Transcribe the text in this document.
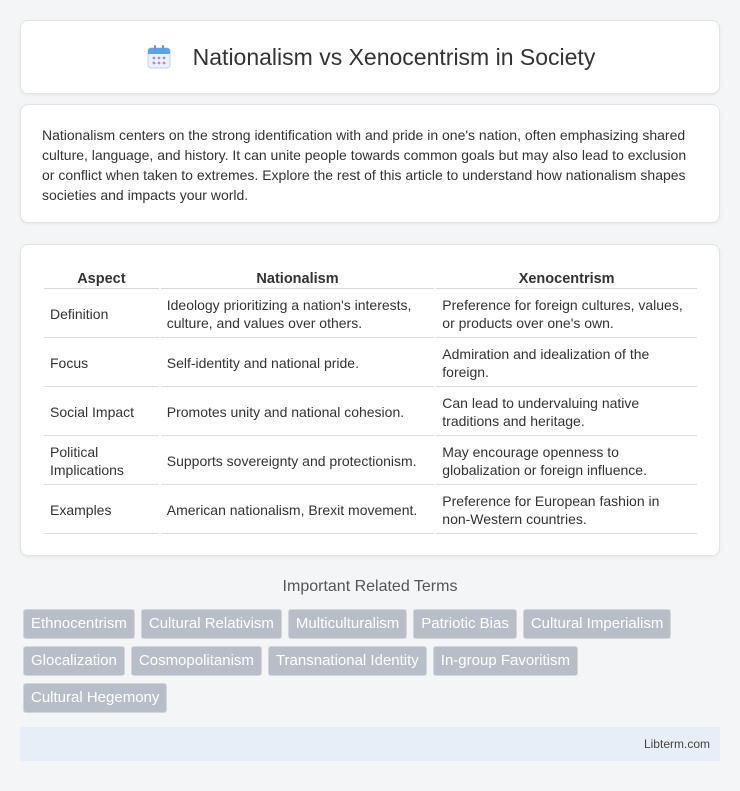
Nationalism vs Xenocentrism in Society

Nationalism centers on the strong identification with and pride in one's nation, often emphasizing shared culture, language, and history. It can unite people towards common goals but may also lead to exclusion or conflict when taken to extremes. Explore the rest of this article to understand how nationalism shapes societies and impacts your world.

Aspect	Nationalism	Xenocentrism
Definition	Ideology prioritizing a nation's interests, culture, and values over others.	Preference for foreign cultures, values, or products over one's own.
Focus	Self-identity and national pride.	Admiration and idealization of the foreign.
Social Impact	Promotes unity and national cohesion.	Can lead to undervaluing native traditions and heritage.
Political Implications	Supports sovereignty and protectionism.	May encourage openness to globalization or foreign influence.
Examples	American nationalism, Brexit movement.	Preference for European fashion in non-Western countries.
Important Related Terms
Ethnocentrism	Cultural Relativism	Multiculturalism	Patriotic Bias	Cultural Imperialism
Glocalization	Cosmopolitanism	Transnational Identity	In-group Favoritism
Cultural Hegemony
Libterm.com
